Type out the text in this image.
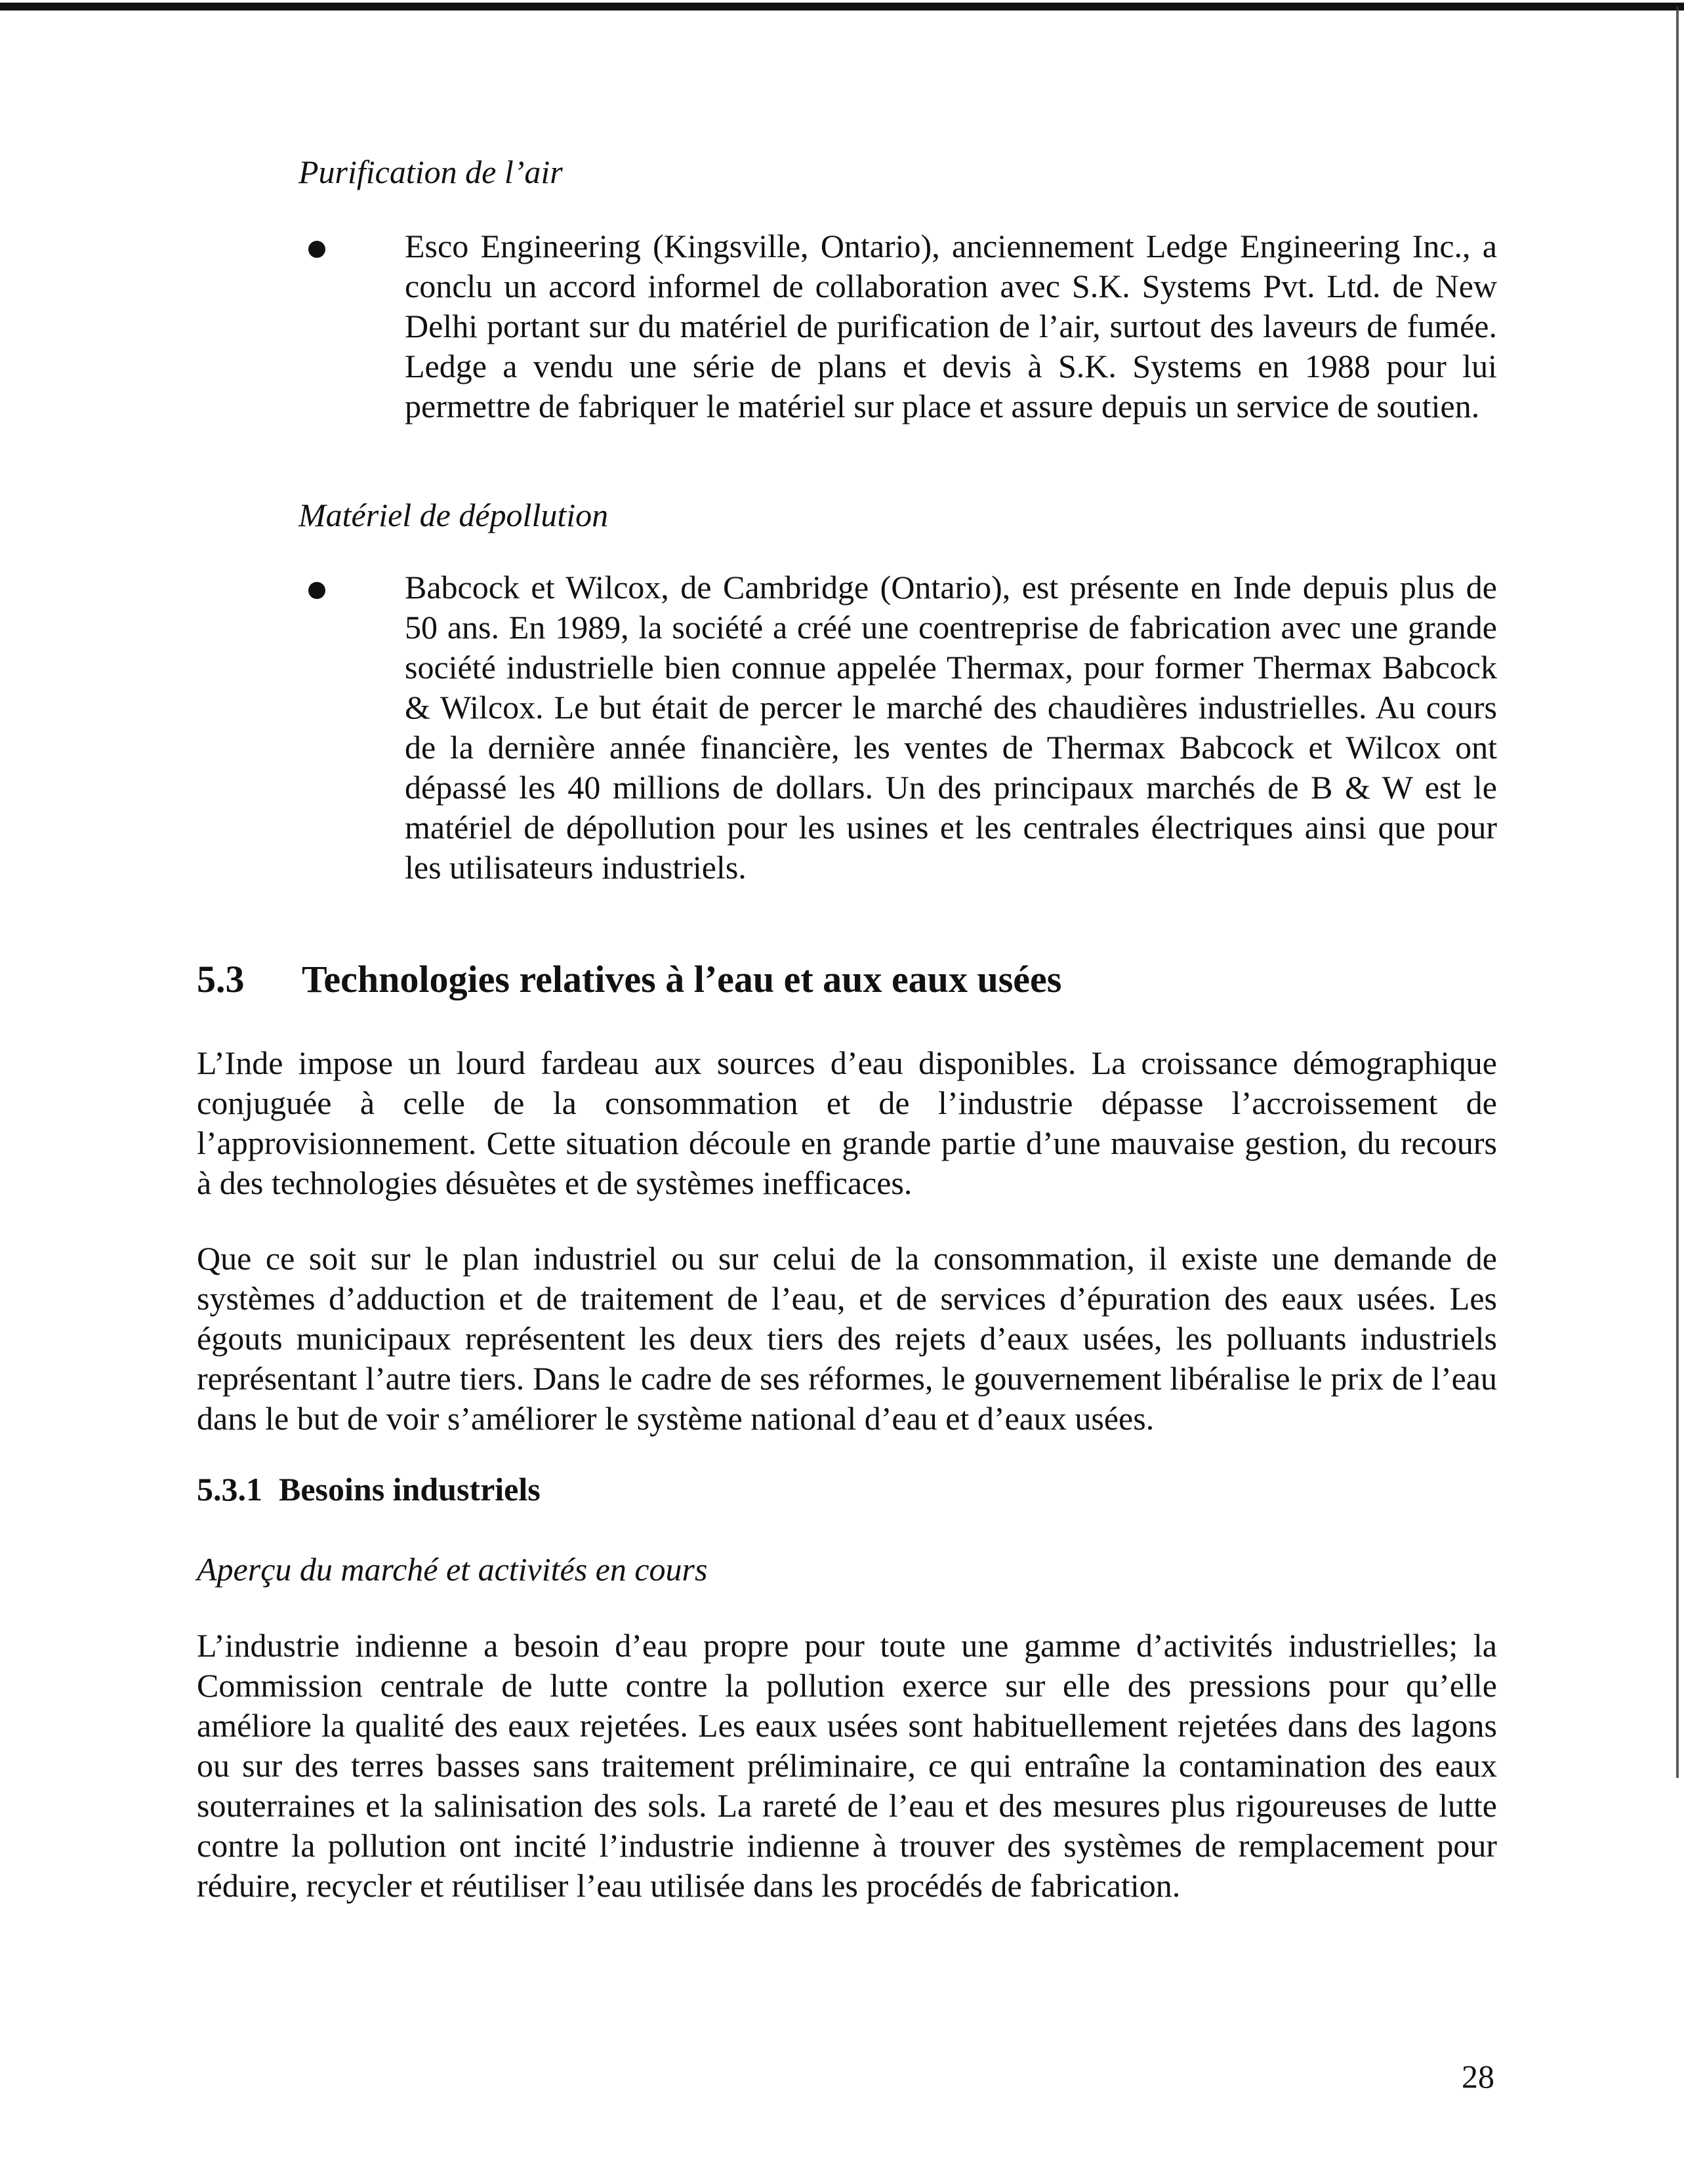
Purification de l’air

Esco Engineering (Kingsville, Ontario), anciennement Ledge Engineering Inc., a conclu un accord informel de collaboration avec S.K. Systems Pvt. Ltd. de New Delhi portant sur du matériel de purification de l’air, surtout des laveurs de fumée. Ledge a vendu une série de plans et devis à S.K. Systems en 1988 pour lui permettre de fabriquer le matériel sur place et assure depuis un service de soutien.

Matériel de dépollution

Babcock et Wilcox, de Cambridge (Ontario), est présente en Inde depuis plus de 50 ans. En 1989, la société a créé une coentreprise de fabrication avec une grande société industrielle bien connue appelée Thermax, pour former Thermax Babcock & Wilcox. Le but était de percer le marché des chaudières industrielles. Au cours de la dernière année financière, les ventes de Thermax Babcock et Wilcox ont dépassé les 40 millions de dollars. Un des principaux marchés de B & W est le matériel de dépollution pour les usines et les centrales électriques ainsi que pour les utilisateurs industriels.

5.3 Technologies relatives à l’eau et aux eaux usées

L’Inde impose un lourd fardeau aux sources d’eau disponibles. La croissance démographique conjuguée à celle de la consommation et de l’industrie dépasse l’accroissement de l’approvisionnement. Cette situation découle en grande partie d’une mauvaise gestion, du recours à des technologies désuètes et de systèmes inefficaces.

Que ce soit sur le plan industriel ou sur celui de la consommation, il existe une demande de systèmes d’adduction et de traitement de l’eau, et de services d’épuration des eaux usées. Les égouts municipaux représentent les deux tiers des rejets d’eaux usées, les polluants industriels représentant l’autre tiers. Dans le cadre de ses réformes, le gouvernement libéralise le prix de l’eau dans le but de voir s’améliorer le système national d’eau et d’eaux usées.

5.3.1 Besoins industriels
Aperçu du marché et activités en cours

L’industrie indienne a besoin d’eau propre pour toute une gamme d’activités industrielles; la Commission centrale de lutte contre la pollution exerce sur elle des pressions pour qu’elle améliore la qualité des eaux rejetées. Les eaux usées sont habituellement rejetées dans des lagons ou sur des terres basses sans traitement préliminaire, ce qui entraîne la contamination des eaux souterraines et la salinisation des sols. La rareté de l’eau et des mesures plus rigoureuses de lutte contre la pollution ont incité l’industrie indienne à trouver des systèmes de remplacement pour réduire, recycler et réutiliser l’eau utilisée dans les procédés de fabrication.

28
